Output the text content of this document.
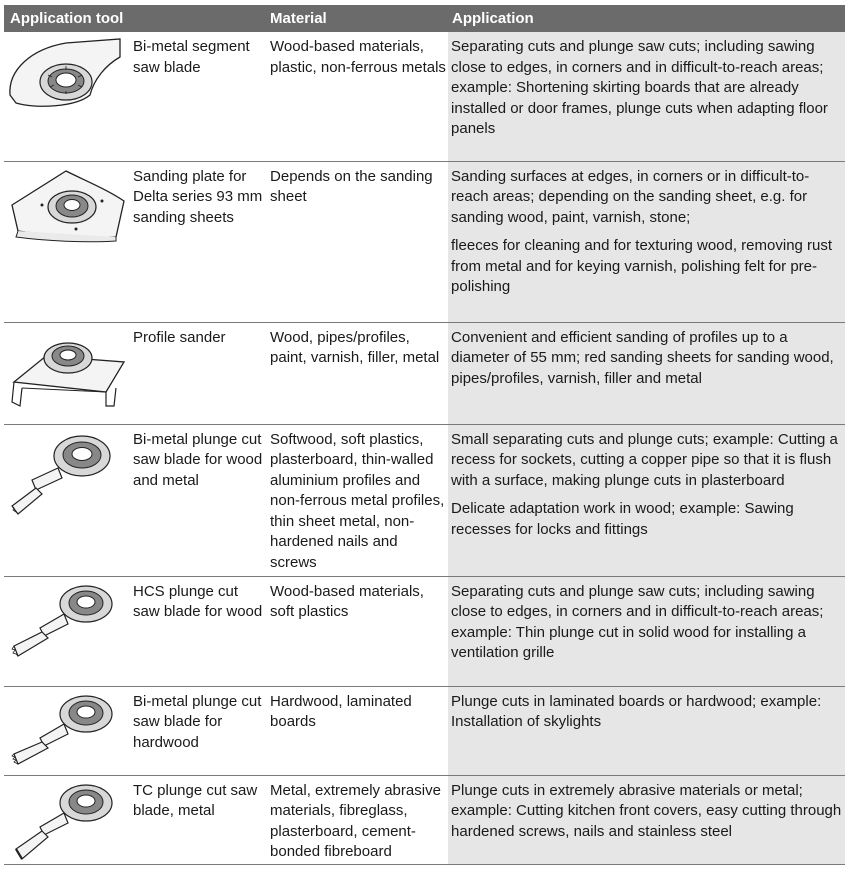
Application tool		Material	Application

	Bi-metal segment saw blade	Wood-based materials, plastic, non-ferrous metals	Separating cuts and plunge saw cuts; including sawing close to edges, in corners and in difficult-to-reach areas; example: Shortening skirting boards that are already installed or door frames, plunge cuts when adapting floor panels

	Sanding plate for Delta series 93 mm sanding sheets	Depends on the sanding sheet	Sanding surfaces at edges, in corners or in difficult-to-reach areas; depending on the sanding sheet, e.g. for sanding wood, paint, varnish, stone;

fleeces for cleaning and for texturing wood, removing rust from metal and for keying varnish, polishing felt for pre-polishing

	Profile sander	Wood, pipes/profiles, paint, varnish, filler, metal	Convenient and efficient sanding of profiles up to a diameter of 55 mm; red sanding sheets for sanding wood, pipes/profiles, varnish, filler and metal

	Bi-metal plunge cut saw blade for wood and metal	Softwood, soft plastics, plasterboard, thin-walled aluminium profiles and non-ferrous metal profiles, thin sheet metal, non-hardened nails and screws	Small separating cuts and plunge cuts; example: Cutting a recess for sockets, cutting a copper pipe so that it is flush with a surface, making plunge cuts in plasterboard

Delicate adaptation work in wood; example: Sawing recesses for locks and fittings

	HCS plunge cut saw blade for wood	Wood-based materials, soft plastics	Separating cuts and plunge saw cuts; including sawing close to edges, in corners and in difficult-to-reach areas; example: Thin plunge cut in solid wood for installing a ventilation grille

	Bi-metal plunge cut saw blade for hardwood	Hardwood, laminated boards	Plunge cuts in laminated boards or hardwood; example: Installation of skylights

	TC plunge cut saw blade, metal	Metal, extremely abrasive materials, fibreglass, plasterboard, cement-bonded fibreboard	Plunge cuts in extremely abrasive materials or metal; example: Cutting kitchen front covers, easy cutting through hardened screws, nails and stainless steel
